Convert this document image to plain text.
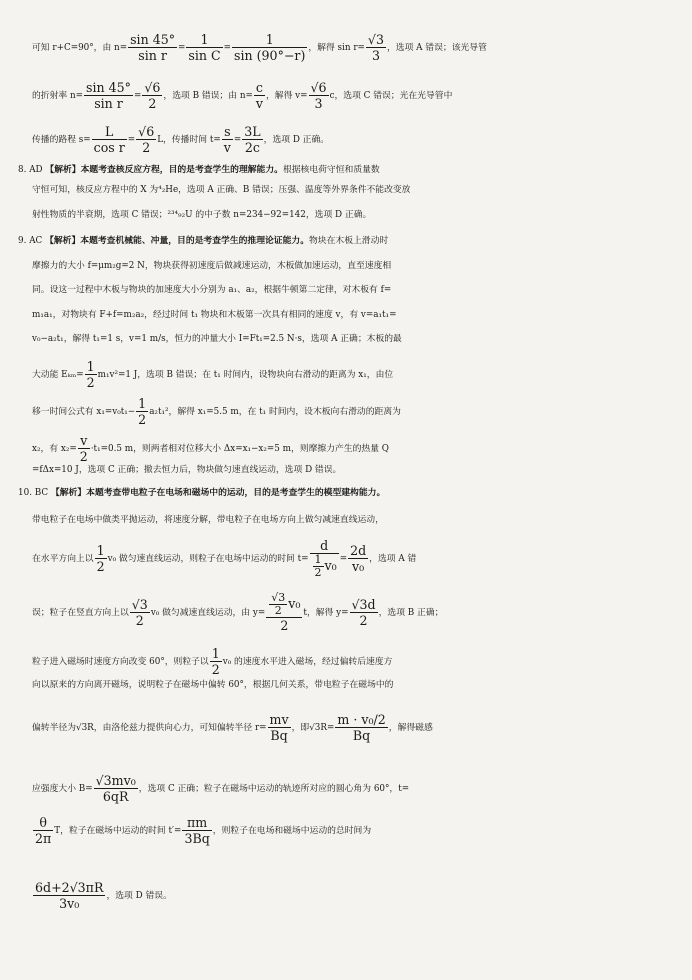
可知 r+C=90°，由 $n= \frac{\sin 45^\circ}{\text{sin r}} = \frac{1}{\text{sin C}} = \frac{1}{\sin (90^\circ-r)}$ ，解得 $\sin r= \frac{√3}{3}$ ，选项 A 错误；该光导管
的折射率 $n= \frac{\sin 45^\circ}{\text{sin r}} = \frac{√6}{2}$ ，选项 B 错误；由 $n= \frac{c}{v}$ ，解得 $v= \frac{√6}{3}$ c，选项 C 错误；光在光导管中
传播的路程 $s= \frac{L}{\text{cos r}} = \frac{√6}{2}$ L，传播时间 $t= \frac{s}{v} = \frac{3L}{2c}$ ，选项 D 正确。
8. AD 【解析】本题考查核反应方程，目的是考查学生的理解能力。根据核电荷守恒和质量数
守恒可知，核反应方程中的 X 为⁴₂He，选项 A 正确、B 错误；压强、温度等外界条件不能改变放
射性物质的半衰期，选项 C 错误；²³⁴₉₂U 的中子数 n=234−92=142，选项 D 正确。
9. AC 【解析】本题考查机械能、冲量，目的是考查学生的推理论证能力。物块在木板上滑动时
摩擦力的大小 f=μm₂g=2 N，物块获得初速度后做减速运动，木板做加速运动，直至速度相
同。设这一过程中木板与物块的加速度大小分别为 a₁、a₂，根据牛顿第二定律，对木板有 f=
m₁a₁，对物块有 F+f=m₂a₂，经过时间 t₁ 物块和木板第一次具有相同的速度 v，有 v=a₁t₁=
v₀−a₂t₁，解得 t₁=1 s，v=1 m/s，恒力的冲量大小 I=Ft₁=2.5 N·s，选项 A 正确；木板的最
大动能 $E_{km}= \frac{1}{2} m_1v^2=1$ J，选项 B 错误；在 t₁ 时间内，设物块向右滑动的距离为 x₁，由位
移一时间公式有 $x_1=v_0t_1- \frac{1}{2} a_2t_1^2$，解得 x₁=5.5 m，在 t₁ 时间内，设木板向右滑动的距离为
x₂，有 $x_2= \frac{v}{2} \cdot t_1=0.5$ m，则两者相对位移大小 Δx=x₁−x₂=5 m，则摩擦力产生的热量 Q
=fΔx=10 J，选项 C 正确；撤去恒力后，物块做匀速直线运动，选项 D 错误。
10. BC 【解析】本题考查带电粒子在电场和磁场中的运动，目的是考查学生的模型建构能力。
带电粒子在电场中做类平抛运动，将速度分解，带电粒子在电场方向上做匀减速直线运动，
在水平方向上以 $\frac{1}{2} v_0$ 做匀速直线运动，则粒子在电场中运动的时间 $t= \frac{d}{\frac{1}{2} v_0} = \frac{2d}{\text{v₀}}$ ，选项 A 错
误；粒子在竖直方向上以 $\frac{√3}{2} v_0$ 做匀减速直线运动，由 $y= \frac{\frac{√3}{2} v_0}{2}$ t，解得 $y= \frac{√3d}{2}$ ，选项 B 正确；
粒子进入磁场时速度方向改变 60°，则粒子以 $\frac{1}{2} v_0$ 的速度水平进入磁场，经过偏转后速度方
向以原来的方向离开磁场，说明粒子在磁场中偏转 60°，根据几何关系，带电粒子在磁场中的
偏转半径为√3R，由洛伦兹力提供向心力，可知偏转半径 $r= \frac{mv}{Bq}$ ，即$√3R= \frac{\text{m · v₀/2}}{Bq}$ ，解得磁感
应强度大小 $B= \frac{\text{√3mv₀}}{6qR}$ ，选项 C 正确；粒子在磁场中运动的轨迹所对应的圆心角为 60°，t=
$\frac{\theta}{2\pi}$ T，粒子在磁场中运动的时间 $t'= \frac{\pi m}{3Bq}$ ，则粒子在电场和磁场中运动的总时间为
$\frac{6d+2√3\pi R}{\text{3v₀}}$ ，选项 D 错误。
